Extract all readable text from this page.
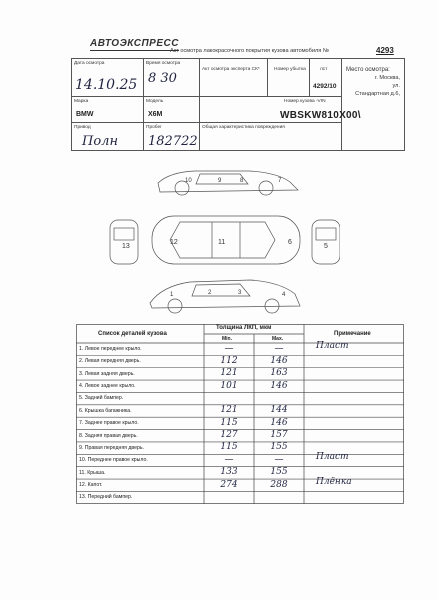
АВТОЭКСПРЕСС
Акт осмотра лакокрасочного покрытия кузова автомобиля №	4293
Дата осмотра
14.10.25
Время осмотра
8 30
Акт осмотра эксперта СК*	Номер убытка	лст
4292/10
Место осмотра:
г. Москва,
ул.
Стандартная д.6,
Марка
BMW
Модель
X6M
Номер кузова -VIN
WBSKW810X00\
Привод
Полн
Пробег
182722
Общая характеристика повреждения
10	9	8	7
13
12	11	6
5
1	2	3	4
Список деталей кузова
Толщина ЛКП, мкм
Min.	Max.
Примечание
1. Левое переднее крыло.	—	—	Пласт
2. Левая передняя дверь.	112	146
3. Левая задняя дверь.	121	163
4. Левое заднее крыло.	101	146
5. Задний бампер.
6. Крышка багажника.	121	144
7. Заднее правое крыло.	115	146
8. Задняя правая дверь.	127	157
9. Правая передняя дверь.	115	155
10. Переднее правое крыло.	—	—	Пласт
11. Крыша.	133	155
12. Капот.	274	288	Плёнка
13. Передний бампер.
